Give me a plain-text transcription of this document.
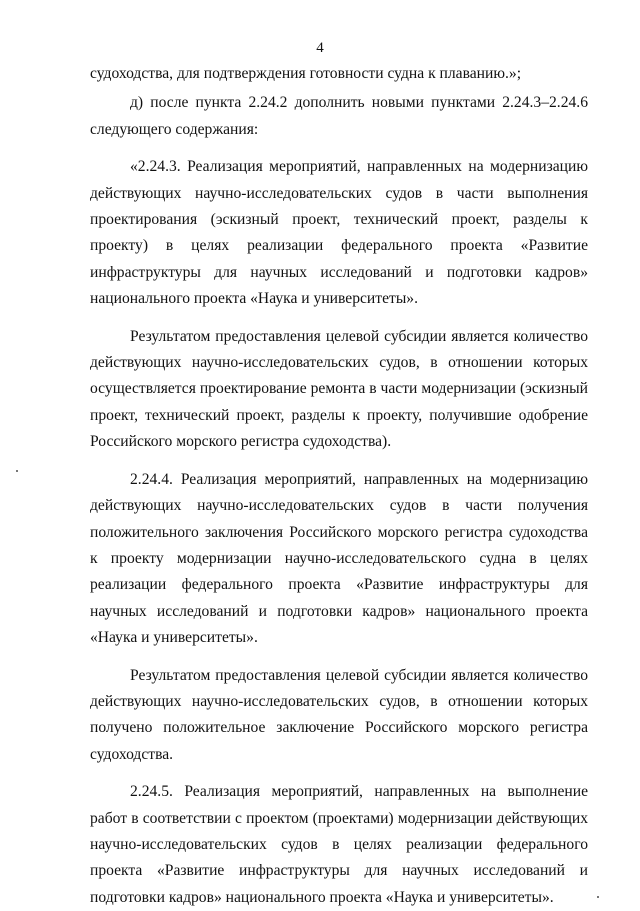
4

судоходства, для подтверждения готовности судна к плаванию.»;

д) после пункта 2.24.2 дополнить новыми пунктами 2.24.3–2.24.6 следующего содержания:

«2.24.3. Реализация мероприятий, направленных на модернизацию действующих научно-исследовательских судов в части выполнения проектирования (эскизный проект, технический проект, разделы к проекту) в целях реализации федерального проекта «Развитие инфраструктуры для научных исследований и подготовки кадров» национального проекта «Наука и университеты».

Результатом предоставления целевой субсидии является количество действующих научно-исследовательских судов, в отношении которых осуществляется проектирование ремонта в части модернизации (эскизный проект, технический проект, разделы к проекту, получившие одобрение Российского морского регистра судоходства).

2.24.4. Реализация мероприятий, направленных на модернизацию действующих научно-исследовательских судов в части получения положительного заключения Российского морского регистра судоходства к проекту модернизации научно-исследовательского судна в целях реализации федерального проекта «Развитие инфраструктуры для научных исследований и подготовки кадров» национального проекта «Наука и университеты».

Результатом предоставления целевой субсидии является количество действующих научно-исследовательских судов, в отношении которых получено положительное заключение Российского морского регистра судоходства.

2.24.5. Реализация мероприятий, направленных на выполнение работ в соответствии с проектом (проектами) модернизации действующих научно-исследовательских судов в целях реализации федерального проекта «Развитие инфраструктуры для научных исследований и подготовки кадров» национального проекта «Наука и университеты».
